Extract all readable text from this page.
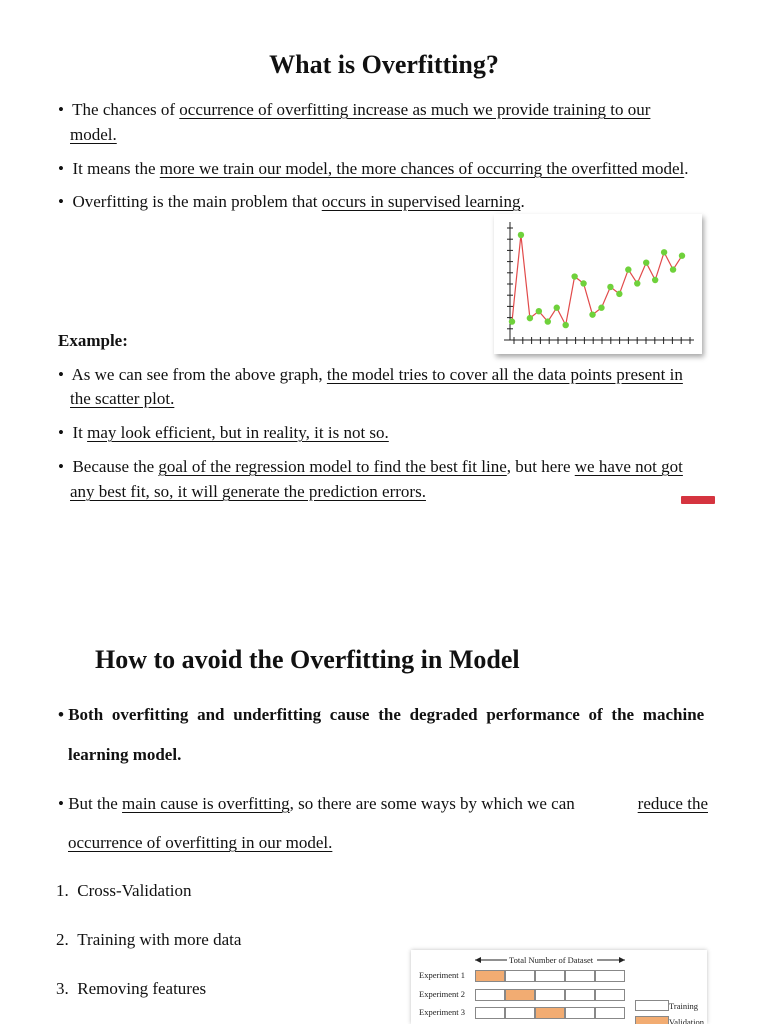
What is Overfitting?
• The chances of occurrence of overfitting increase as much we provide training to our
model.
• It means the more we train our model, the more chances of occurring the overfitted model.
• Overfitting is the main problem that occurs in supervised learning.
Example:
• As we can see from the above graph, the model tries to cover all the data points present in
the scatter plot.
• It may look efficient, but in reality, it is not so.
• Because the goal of the regression model to find the best fit line, but here we have not got
any best fit, so, it will generate the prediction errors.
How to avoid the Overfitting in Model
• Both overfitting and underfitting cause the degraded performance of the machine
learning model.
• But the main cause is overfitting, so there are some ways by which we can	reduce the
occurrence of overfitting in our model.
1. Cross-Validation
2. Training with more data
3. Removing features
Total Number of Dataset
Experiment 1
Experiment 2
Experiment 3
Training
Validation
